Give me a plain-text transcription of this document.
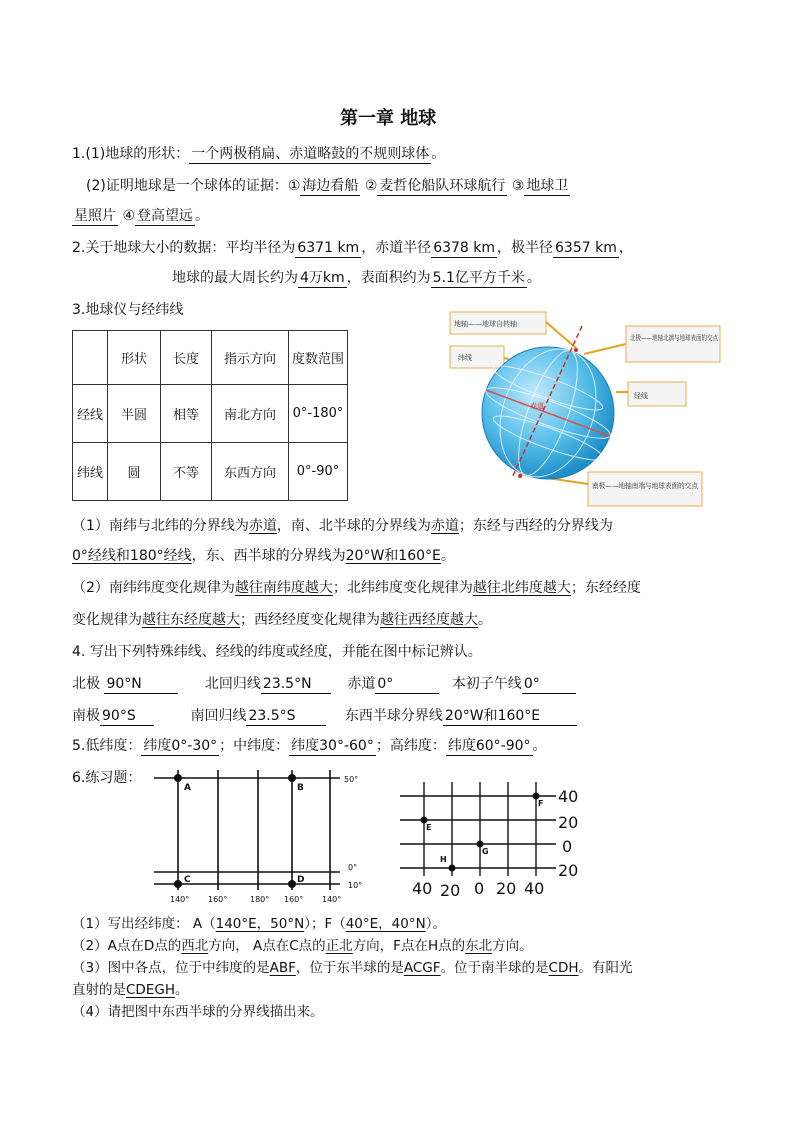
第一章 地球
1.(1)地球的形状： 一个两极稍扁、赤道略鼓的不规则球体 。
(2)证明地球是一个球体的证据：① 海边看船 ② 麦哲伦船队环球航行 ③ 地球卫
星照片 ④ 登高望远 。
2.关于地球大小的数据：平均半径为 6371 km ，赤道半径 6378 km ，极半径 6357 km ，
地球的最大周长约为 4万km ，表面积约为 5.1亿平方千米 。
3.地球仪与经纬线
	形状	长度	指示方向	度数范围
经线	半圆	相等	南北方向	0°-180°
纬线	圆	不等	东西方向	0°-90°
赤道
地轴——地球自转轴
纬线
北极——地轴北端与地球表面的交点
经线
南极——地轴南端与地球表面的交点
（1）南纬与北纬的分界线为赤道，南、北半球的分界线为赤道；东经与西经的分界线为
0°经线和180°经线，东、西半球的分界线为20°W和160°E。
（2）南纬纬度变化规律为越往南纬度越大；北纬纬度变化规律为越往北纬度越大；东经经度
变化规律为越往东经度越大；西经经度变化规律为越往西经度越大。
4. 写出下列特殊纬线、经线的纬度或经度，并能在图中标记辨认。
北极 90°N	北回归线 23.5°N	赤道 0°	本初子午线 0°
南极 90°S	南回归线 23.5°S	东西半球分界线 20°W和160°E
5.低纬度： 纬度0°-30° ；中纬度： 纬度30°-60° ；高纬度： 纬度60°-90° 。
6.练习题：
A	B
C	D
50°
0°
10°
140° 160°	180° 160° 140°
E
F
G
H
40
20
0
20
40 20 0 20 40
（1）写出经纬度： A（140°E，50°N）；F（40°E，40°N）。
（2）A点在D点的西北方向， A点在C点的正北方向，F点在H点的东北方向。
（3）图中各点，位于中纬度的是ABF，位于东半球的是ACGF。位于南半球的是CDH。有阳光
直射的是CDEGH。
（4）请把图中东西半球的分界线描出来。
